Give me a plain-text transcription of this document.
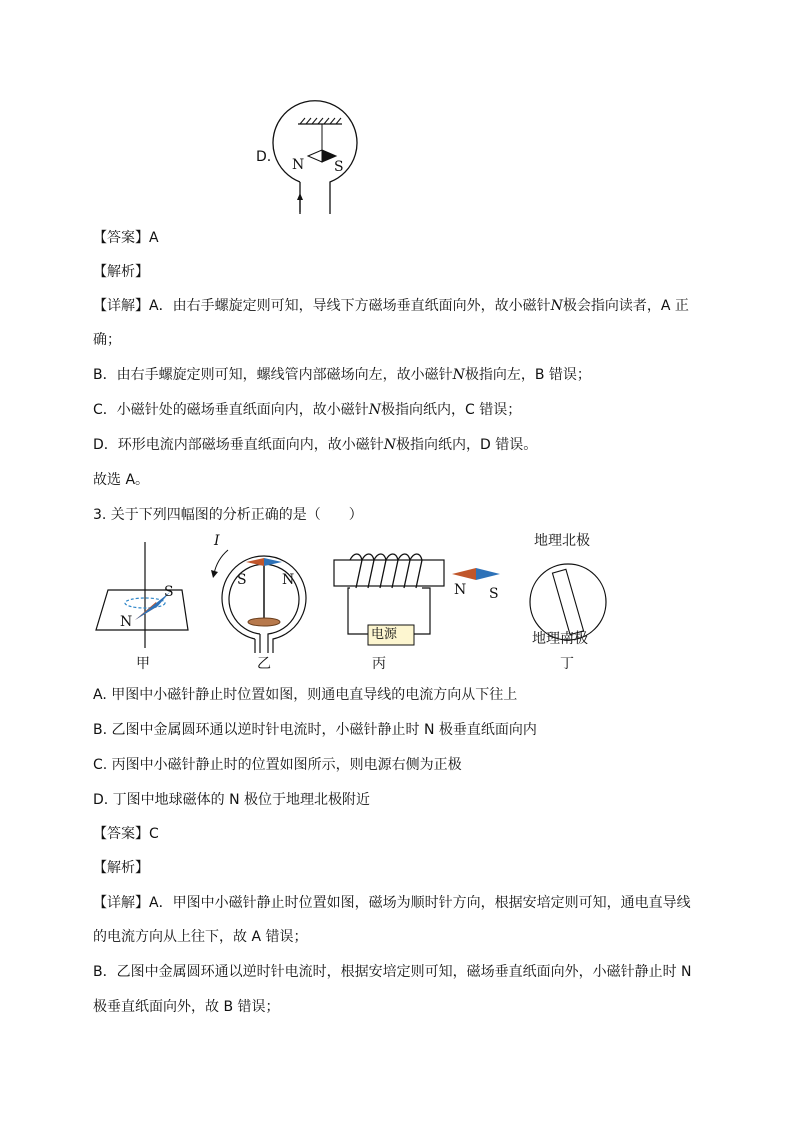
D. N S
【答案】A
【解析】
【详解】A．由右手螺旋定则可知，导线下方磁场垂直纸面向外，故小磁针N极会指向读者，A 正
确；
B．由右手螺旋定则可知，螺线管内部磁场向左，故小磁针N极指向左，B 错误；
C．小磁针处的磁场垂直纸面向内，故小磁针N极指向纸内，C 错误；
D．环形电流内部磁场垂直纸面向内，故小磁针N极指向纸内，D 错误。
故选 A。
3. 关于下列四幅图的分析正确的是（　　）
S
N
甲
I
S	N
乙
电源
N S
丙
地理北极
地理南极
丁
A. 甲图中小磁针静止时位置如图，则通电直导线的电流方向从下往上
B. 乙图中金属圆环通以逆时针电流时，小磁针静止时 N 极垂直纸面向内
C. 丙图中小磁针静止时的位置如图所示，则电源右侧为正极
D. 丁图中地球磁体的 N 极位于地理北极附近
【答案】C
【解析】
【详解】A．甲图中小磁针静止时位置如图，磁场为顺时针方向，根据安培定则可知，通电直导线
的电流方向从上往下，故 A 错误；
B．乙图中金属圆环通以逆时针电流时，根据安培定则可知，磁场垂直纸面向外，小磁针静止时 N
极垂直纸面向外，故 B 错误；
